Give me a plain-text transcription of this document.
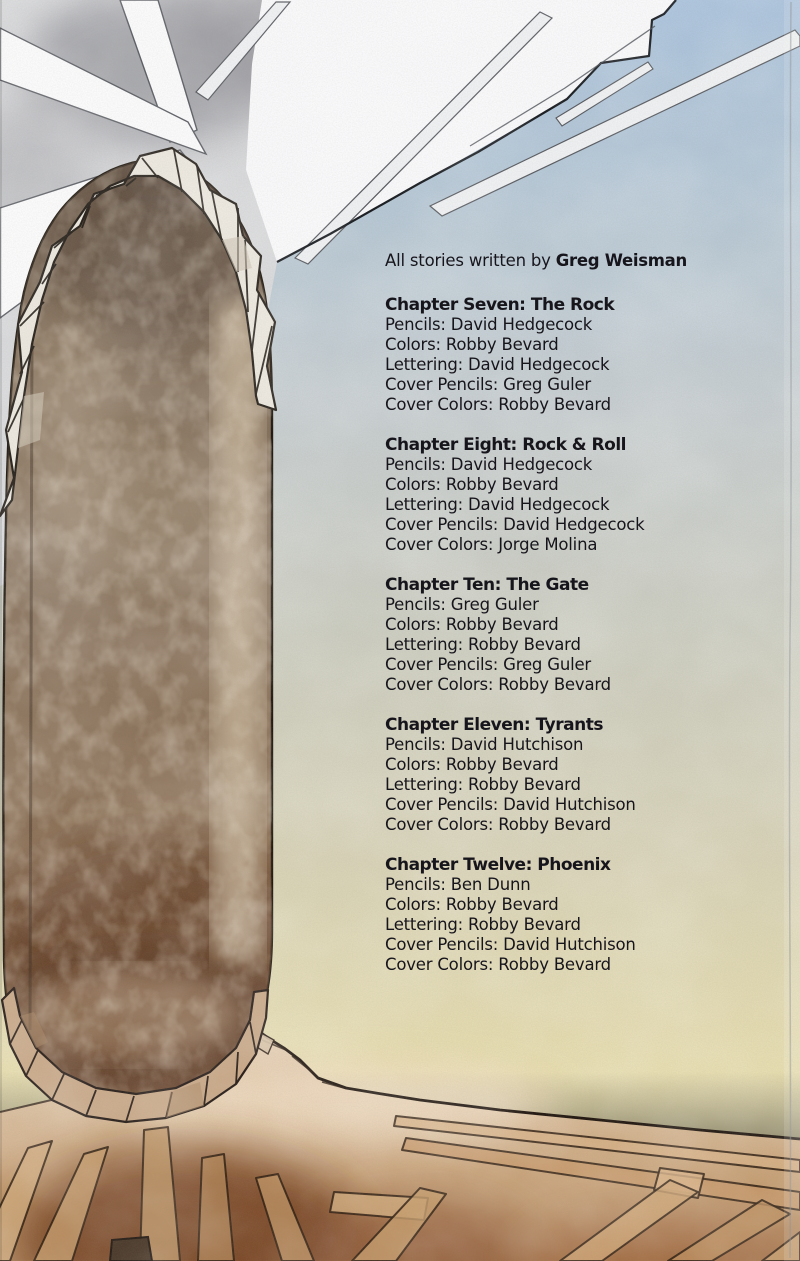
All stories written by Greg Weisman

Chapter Seven: The Rock
Pencils: David Hedgecock
Colors: Robby Bevard
Lettering: David Hedgecock
Cover Pencils: Greg Guler
Cover Colors: Robby Bevard
Chapter Eight: Rock & Roll
Pencils: David Hedgecock
Colors: Robby Bevard
Lettering: David Hedgecock
Cover Pencils: David Hedgecock
Cover Colors: Jorge Molina
Chapter Ten: The Gate
Pencils: Greg Guler
Colors: Robby Bevard
Lettering: Robby Bevard
Cover Pencils: Greg Guler
Cover Colors: Robby Bevard
Chapter Eleven: Tyrants
Pencils: David Hutchison
Colors: Robby Bevard
Lettering: Robby Bevard
Cover Pencils: David Hutchison
Cover Colors: Robby Bevard
Chapter Twelve: Phoenix
Pencils: Ben Dunn
Colors: Robby Bevard
Lettering: Robby Bevard
Cover Pencils: David Hutchison
Cover Colors: Robby Bevard
